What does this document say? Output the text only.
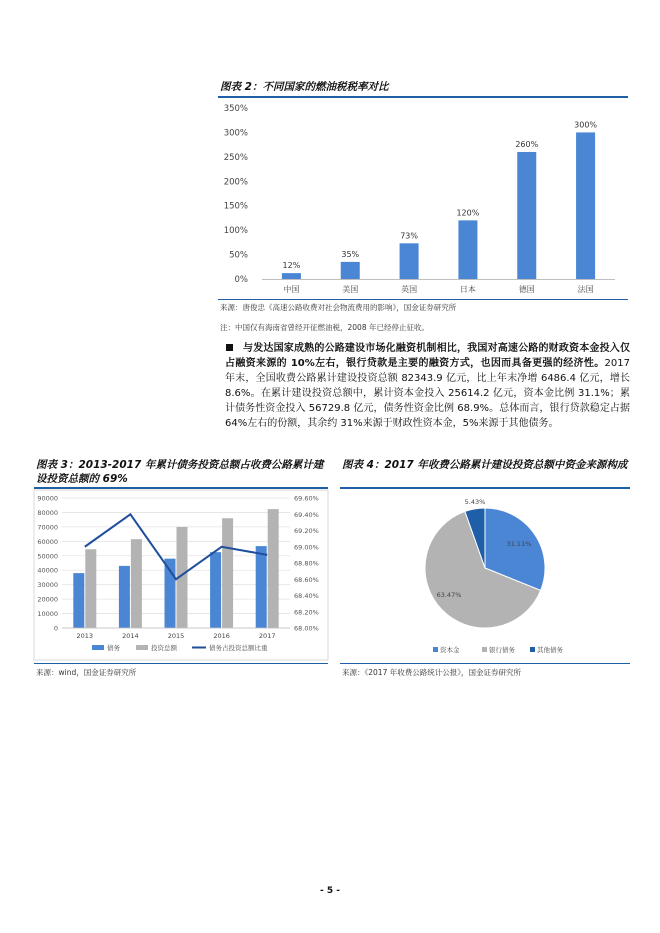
图表 2：不同国家的燃油税税率对比
0%
50%
100%
150%
200%
250%
300%
350%
12%
中国
35%
美国
73%
英国
120%
日本
260%
德国
300%
法国
来源：唐俊忠《高速公路收费对社会物流费用的影响》，国金证券研究所
注：中国仅有海南省曾经开征燃油税，2008 年已经停止征收。
与发达国家成熟的公路建设市场化融资机制相比，我国对高速公路的财政资本金投入仅占融资来源的 10%左右，银行贷款是主要的融资方式，也因而具备更强的经济性。2017 年末，全国收费公路累计建设投资总额 82343.9 亿元，比上年末净增 6486.4 亿元，增长 8.6%。在累计建设投资总额中，累计资本金投入 25614.2 亿元，资本金比例 31.1%；累计债务性资金投入 56729.8 亿元，债务性资金比例 68.9%。总体而言，银行贷款稳定占据 64%左右的份额，其余约 31%来源于财政性资本金，5%来源于其他债务。
图表 3：2013-2017 年累计债务投资总额占收费公路累计建设投资总额的 69%
0
10000
20000
30000
40000
50000
60000
70000
80000
90000
68.00%
68.20%
68.40%
68.60%
68.80%
69.00%
69.20%
69.40%
69.60%
2013	2014	2015	2016	2017
债务	投资总额	债务占投资总额比重
来源：wind，国金证券研究所
图表 4：2017 年收费公路累计建设投资总额中资金来源构成
31.11%
63.47%
5.43%
资本金	银行债务	其他债务
来源：《2017 年收费公路统计公报》，国金证券研究所
- 5 -
